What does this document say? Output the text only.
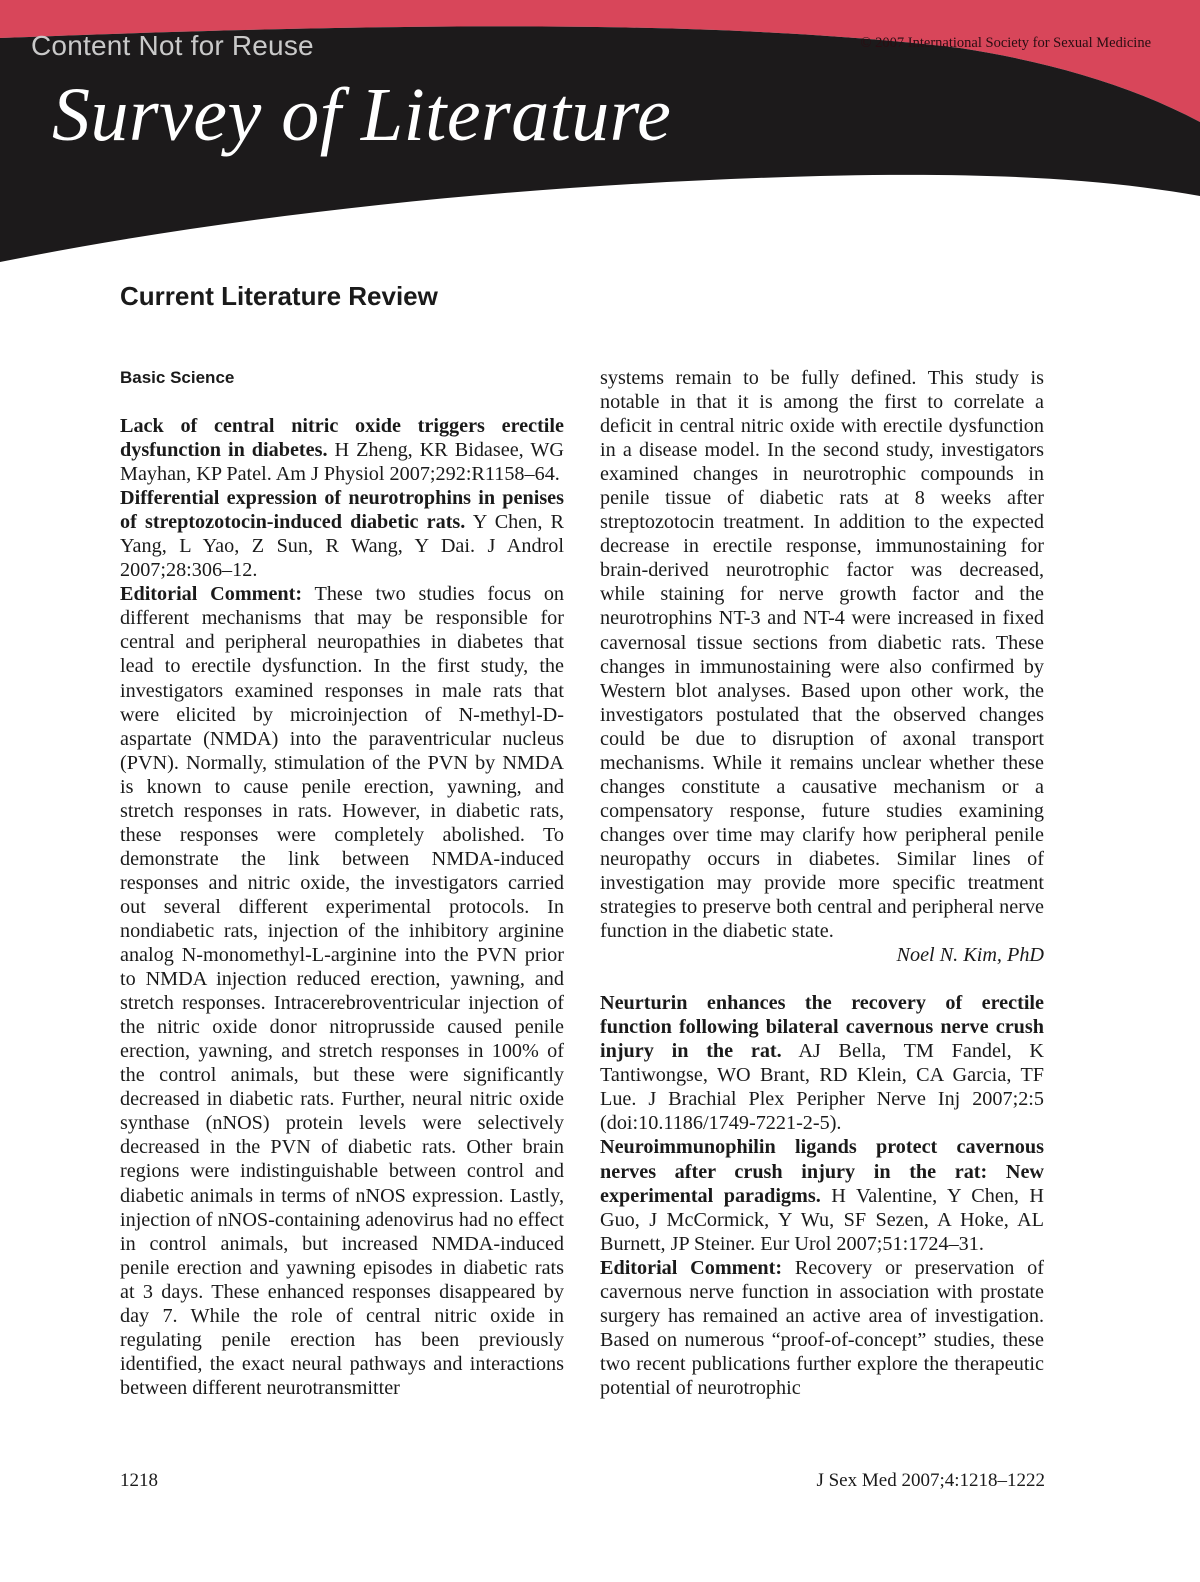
Content Not for Reuse	© 2007 International Society for Sexual Medicine
Survey of Literature
Current Literature Review
Basic Science

Lack of central nitric oxide triggers erectile dysfunction in diabetes. H Zheng, KR Bidasee, WG Mayhan, KP Patel. Am J Physiol 2007;292:R1158–64.

Differential expression of neurotrophins in penises of streptozotocin-induced diabetic rats. Y Chen, R Yang, L Yao, Z Sun, R Wang, Y Dai. J Androl 2007;28:306–12.

Editorial Comment: These two studies focus on different mechanisms that may be responsible for central and peripheral neuropathies in diabetes that lead to erectile dysfunction. In the first study, the investigators examined responses in male rats that were elicited by microinjection of N-methyl-D-aspartate (NMDA) into the paraventricular nucleus (PVN). Normally, stimulation of the PVN by NMDA is known to cause penile erection, yawning, and stretch responses in rats. However, in diabetic rats, these responses were completely abolished. To demonstrate the link between NMDA-induced responses and nitric oxide, the investigators carried out several different experimental protocols. In nondiabetic rats, injection of the inhibitory arginine analog N-monomethyl-L-arginine into the PVN prior to NMDA injection reduced erection, yawning, and stretch responses. Intracerebroventricular injection of the nitric oxide donor nitroprusside caused penile erection, yawning, and stretch responses in 100% of the control animals, but these were significantly decreased in diabetic rats. Further, neural nitric oxide synthase (nNOS) protein levels were selectively decreased in the PVN of diabetic rats. Other brain regions were indistinguishable between control and diabetic animals in terms of nNOS expression. Lastly, injection of nNOS-containing adenovirus had no effect in control animals, but increased NMDA-induced penile erection and yawning episodes in diabetic rats at 3 days. These enhanced responses disappeared by day 7. While the role of central nitric oxide in regulating penile erection has been previously identified, the exact neural pathways and interactions between different neurotransmitter

systems remain to be fully defined. This study is notable in that it is among the first to correlate a deficit in central nitric oxide with erectile dysfunction in a disease model. In the second study, investigators examined changes in neurotrophic compounds in penile tissue of diabetic rats at 8 weeks after streptozotocin treatment. In addition to the expected decrease in erectile response, immunostaining for brain-derived neurotrophic factor was decreased, while staining for nerve growth factor and the neurotrophins NT-3 and NT-4 were increased in fixed cavernosal tissue sections from diabetic rats. These changes in immunostaining were also confirmed by Western blot analyses. Based upon other work, the investigators postulated that the observed changes could be due to disruption of axonal transport mechanisms. While it remains unclear whether these changes constitute a causative mechanism or a compensatory response, future studies examining changes over time may clarify how peripheral penile neuropathy occurs in diabetes. Similar lines of investigation may provide more specific treatment strategies to preserve both central and peripheral nerve function in the diabetic state.

Noel N. Kim, PhD

Neurturin enhances the recovery of erectile function following bilateral cavernous nerve crush injury in the rat. AJ Bella, TM Fandel, K Tantiwongse, WO Brant, RD Klein, CA Garcia, TF Lue. J Brachial Plex Peripher Nerve Inj 2007;2:5 (doi:10.1186/1749-7221-2-5).

Neuroimmunophilin ligands protect cavernous nerves after crush injury in the rat: New experimental paradigms. H Valentine, Y Chen, H Guo, J McCormick, Y Wu, SF Sezen, A Hoke, AL Burnett, JP Steiner. Eur Urol 2007;51:1724–31.

Editorial Comment: Recovery or preservation of cavernous nerve function in association with prostate surgery has remained an active area of investigation. Based on numerous “proof-of-concept” studies, these two recent publications further explore the therapeutic potential of neurotrophic

1218	J Sex Med 2007;4:1218–1222
